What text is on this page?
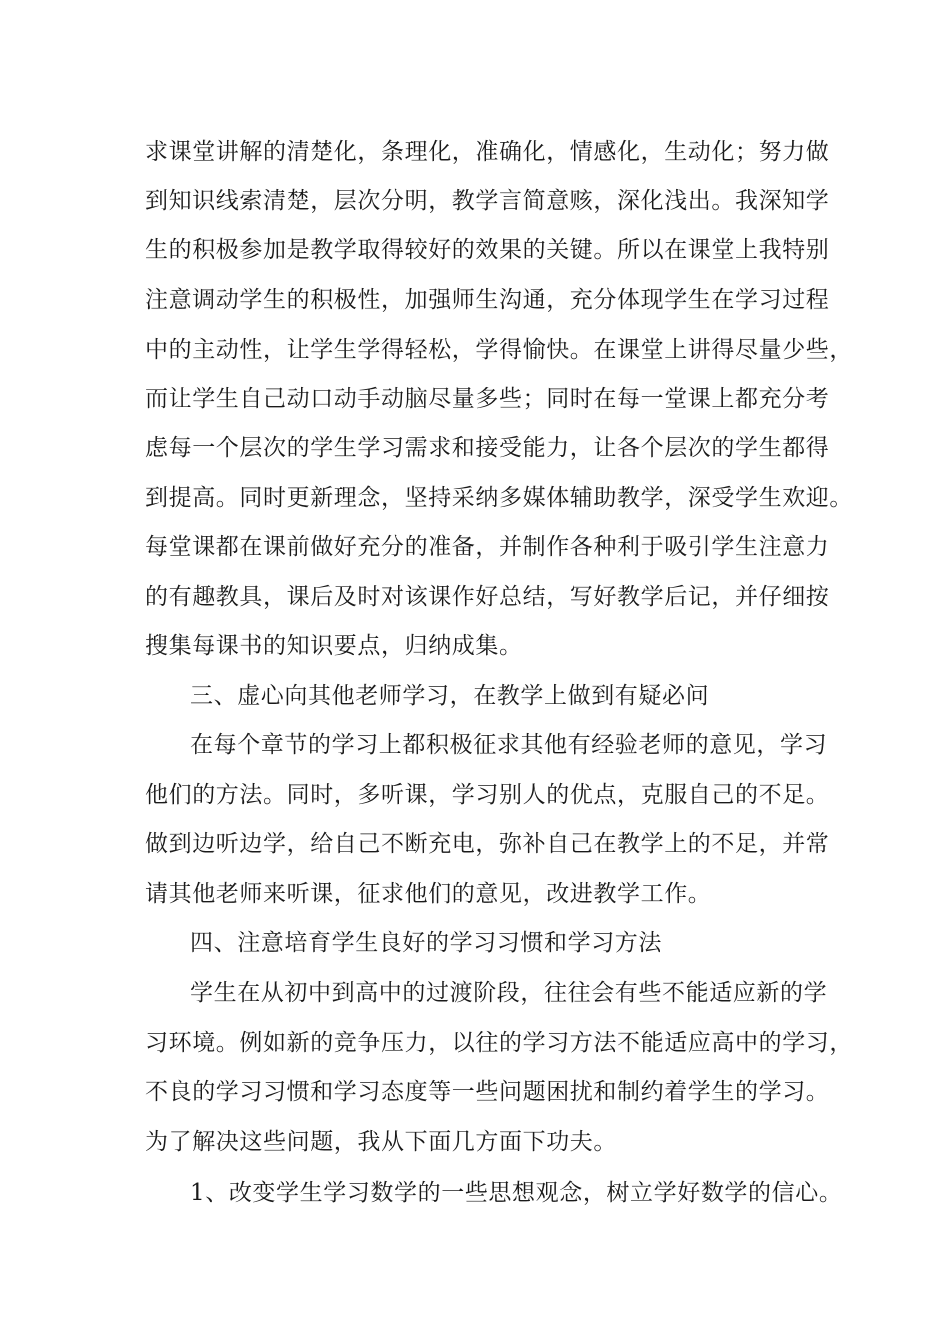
求课堂讲解的清楚化，条理化，准确化，情感化，生动化；努力做
到知识线索清楚，层次分明，教学言简意赅，深化浅出。我深知学
生的积极参加是教学取得较好的效果的关键。所以在课堂上我特别
注意调动学生的积极性，加强师生沟通，充分体现学生在学习过程
中的主动性，让学生学得轻松，学得愉快。在课堂上讲得尽量少些，
而让学生自己动口动手动脑尽量多些；同时在每一堂课上都充分考
虑每一个层次的学生学习需求和接受能力，让各个层次的学生都得
到提高。同时更新理念，坚持采纳多媒体辅助教学，深受学生欢迎。
每堂课都在课前做好充分的准备，并制作各种利于吸引学生注意力
的有趣教具，课后及时对该课作好总结，写好教学后记，并仔细按
搜集每课书的知识要点，归纳成集。
三、虚心向其他老师学习，在教学上做到有疑必问
在每个章节的学习上都积极征求其他有经验老师的意见，学习
他们的方法。同时，多听课，学习别人的优点，克服自己的不足。
做到边听边学，给自己不断充电，弥补自己在教学上的不足，并常
请其他老师来听课，征求他们的意见，改进教学工作。
四、注意培育学生良好的学习习惯和学习方法
学生在从初中到高中的过渡阶段，往往会有些不能适应新的学
习环境。例如新的竞争压力，以往的学习方法不能适应高中的学习，
不良的学习习惯和学习态度等一些问题困扰和制约着学生的学习。
为了解决这些问题，我从下面几方面下功夫。
1、改变学生学习数学的一些思想观念，树立学好数学的信心。
